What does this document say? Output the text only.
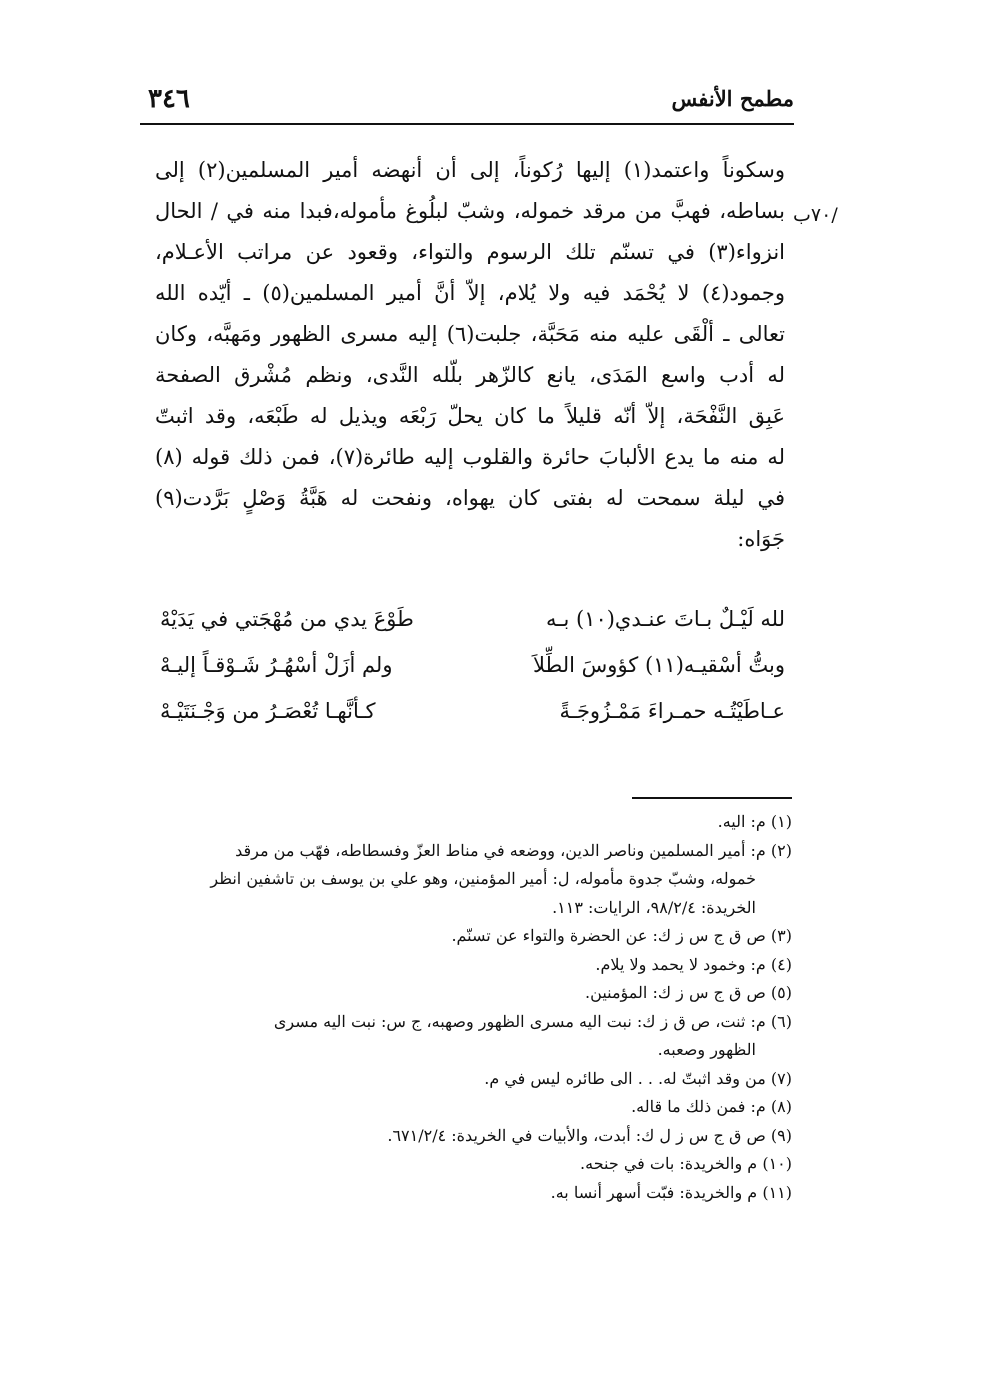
مطمح الأنفس
٣٤٦
/٧٠ب
وسكوناً واعتمد(١) إليها رُكوناً، إلى أن أنهضه أمير المسلمين(٢) إلى
بساطه، فهبَّ من مرقد خموله، وشبّ لبلُوغ مأموله،فبدا منه في / الحال
انزواء(٣) في تسنّم تلك الرسوم والتواء، وقعود عن مراتب الأعـلام،
وجمود(٤) لا يُحْمَد فيه ولا يُلام، إلاّ أنَّ أمير المسلمين(٥) ـ أيّده الله
تعالى ـ ألْقَى عليه منه مَحَبَّة، جلبت(٦) إليه مسرى الظهور ومَهبَّه، وكان
له أدب واسع المَدَى، يانع كالزّهر بلّله النَّدى، ونظم مُشْرق الصفحة
عَبِق النَّفْحَة، إلاّ أنّه قليلاً ما كان يحلّ رَبْعَه ويذيل له طَبْعَه، وقد اثبتّ
له منه ما يدع الألبابَ حائرة والقلوب إليه طائرة(٧)، فمن ذلك قوله (٨)
في ليلة سمحت له بفتى كان يهواه، ونفحت له هَبَّةُ وَصْلٍ بَرَّدت(٩)
جَوَاه:
لله لَيْـلٌ بـاتَ عنـدي(١٠) بـه
طَوْعَ يدي من مُهْجَتي في يَدَيْهْ
وبتُّ أسْقيـه(١١) كؤوسَ الطِّلاَ
ولم أزَلْ أسْهُـرُ شَـوْقـاً إليـهْ
عـاطَيْتُـه حمـراءَ مَمْـزُوجَـةً
كـأنَّهـا تُعْصَـرُ من وَجْـنَتَيْـهْ
(١) م: اليه.
(٢) م: أمير المسلمين وناصر الدين، ووضعه في مناط العزّ وفسطاطه، فهّب من مرقد
خموله، وشبّ جدوة مأموله، ل: أمير المؤمنين، وهو علي بن يوسف بن تاشفين انظر
الخريدة: ٩٨/٢/٤، الرايات: ١١٣.
(٣) ص ق ج س ز ك: عن الحضرة والتواء عن تسنّم.
(٤) م: وخمود لا يحمد ولا يلام.
(٥) ص ق ج س ز ك: المؤمنين.
(٦) م: ثنت، ص ق ز ك: نبت اليه مسرى الظهور وصهبه، ج س: نبت اليه مسرى
الظهور وصعبه.
(٧) من وقد اثبتّ له. . . الى طائره ليس في م.
(٨) م: فمن ذلك ما قاله.
(٩) ص ق ج س ز ل ك: أبدت، والأبيات في الخريدة: ٦٧١/٢/٤.
(١٠) م والخريدة: بات في جنحه.
(١١) م والخريدة: فبّت أسهر أنسا به.
